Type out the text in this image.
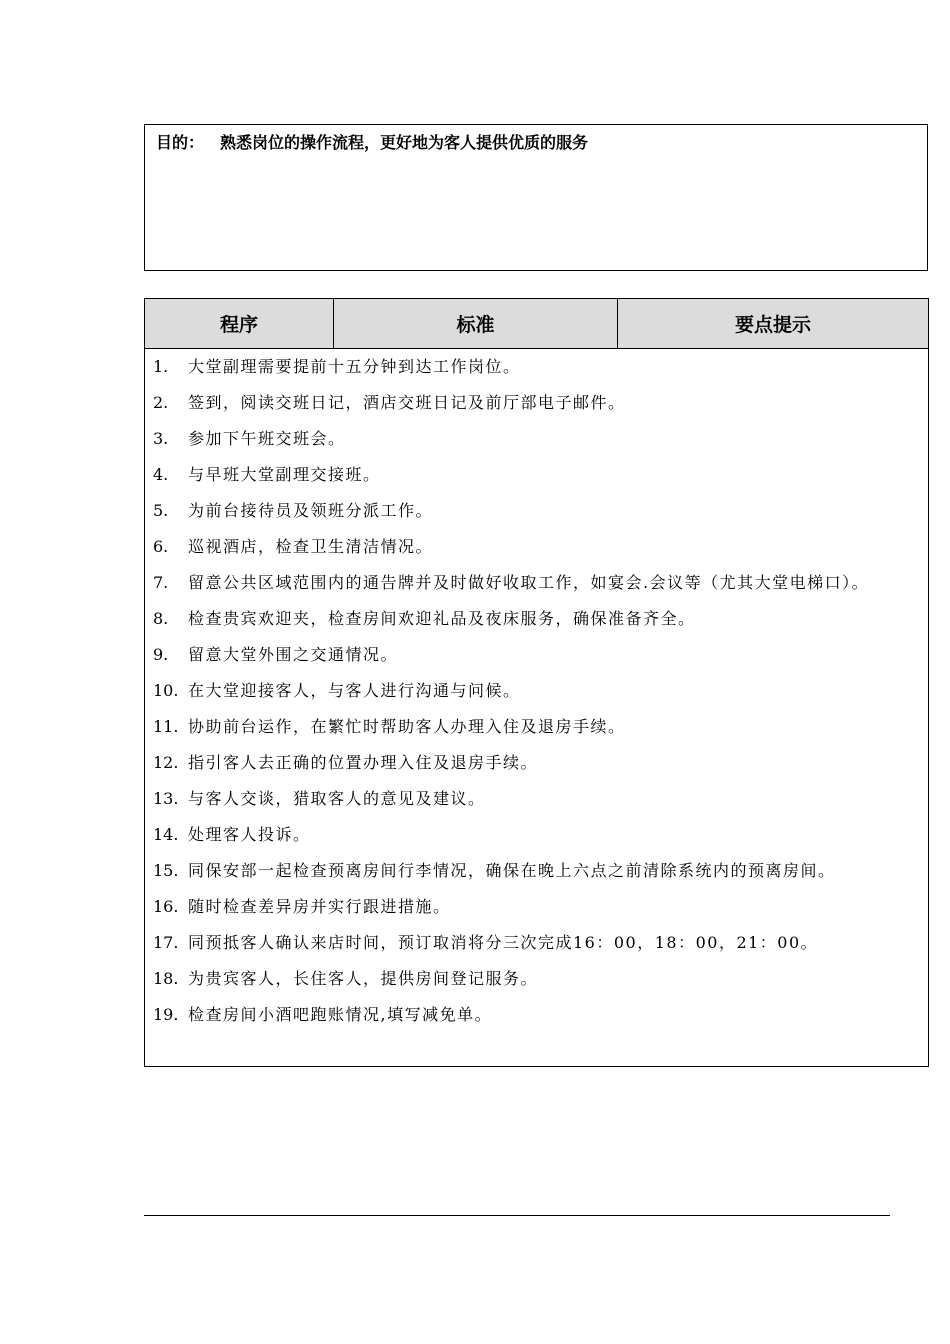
目的： 熟悉岗位的操作流程，更好地为客人提供优质的服务
程序	标准	要点提示
1.	大堂副理需要提前十五分钟到达工作岗位。
2.	签到，阅读交班日记，酒店交班日记及前厅部电子邮件。
3.	参加下午班交班会。
4.	与早班大堂副理交接班。
5.	为前台接待员及领班分派工作。
6.	巡视酒店，检查卫生清洁情况。
7.	留意公共区域范围内的通告牌并及时做好收取工作，如宴会.会议等（尤其大堂电梯口）。
8.	检查贵宾欢迎夹，检查房间欢迎礼品及夜床服务，确保准备齐全。
9.	留意大堂外围之交通情况。
10. 在大堂迎接客人，与客人进行沟通与问候。
11. 协助前台运作，在繁忙时帮助客人办理入住及退房手续。
12. 指引客人去正确的位置办理入住及退房手续。
13. 与客人交谈，猎取客人的意见及建议。
14. 处理客人投诉。
15. 同保安部一起检查预离房间行李情况，确保在晚上六点之前清除系统内的预离房间。
16. 随时检查差异房并实行跟进措施。
17. 同预抵客人确认来店时间，预订取消将分三次完成16：00，18：00，21：00。
18. 为贵宾客人，长住客人，提供房间登记服务。
19. 检查房间小酒吧跑账情况,填写减免单。
